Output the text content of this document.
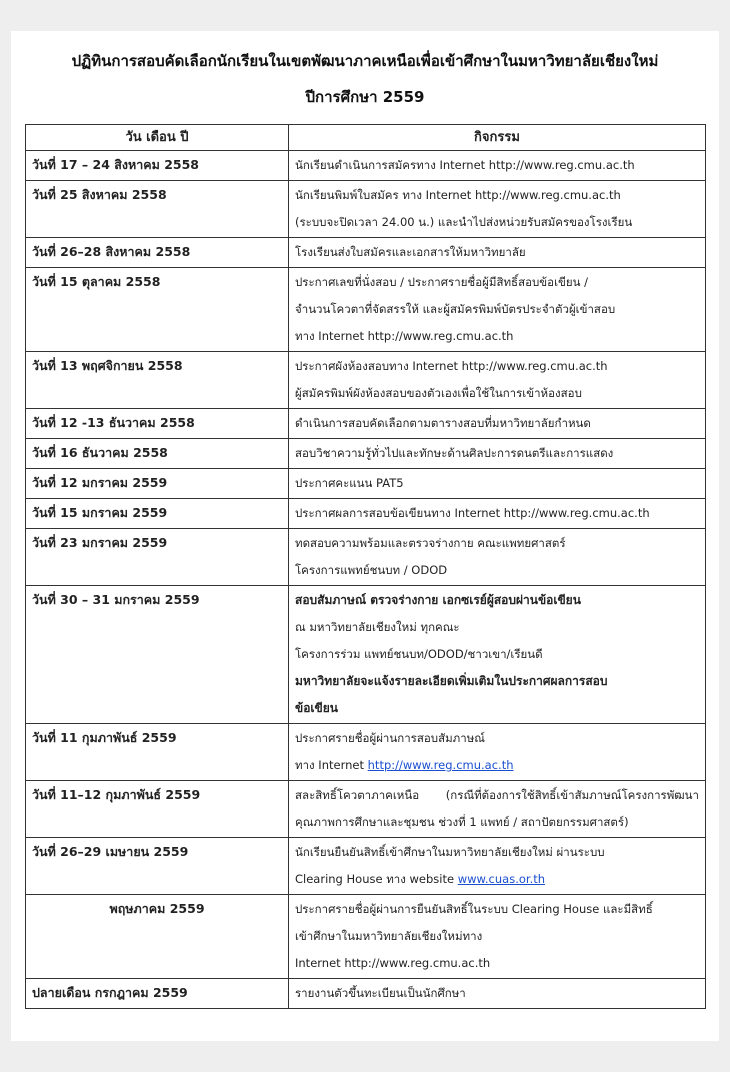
ปฏิทินการสอบคัดเลือกนักเรียนในเขตพัฒนาภาคเหนือเพื่อเข้าศึกษาในมหาวิทยาลัยเชียงใหม่
ปีการศึกษา 2559
วัน เดือน ปี	กิจกรรม
วันที่ 17 – 24 สิงหาคม 2558	นักเรียนดำเนินการสมัครทาง Internet http://www.reg.cmu.ac.th

วันที่ 25 สิงหาคม 2558	นักเรียนพิมพ์ใบสมัคร ทาง Internet http://www.reg.cmu.ac.th
(ระบบจะปิดเวลา 24.00 น.) และนำไปส่งหน่วยรับสมัครของโรงเรียน

วันที่ 26–28 สิงหาคม 2558	โรงเรียนส่งใบสมัครและเอกสารให้มหาวิทยาลัย

วันที่ 15 ตุลาคม 2558	ประกาศเลขที่นั่งสอบ / ประกาศรายชื่อผู้มีสิทธิ์สอบข้อเขียน /
จำนวนโควตาที่จัดสรรให้ และผู้สมัครพิมพ์บัตรประจำตัวผู้เข้าสอบ
ทาง Internet http://www.reg.cmu.ac.th

วันที่ 13 พฤศจิกายน 2558	ประกาศผังห้องสอบทาง Internet http://www.reg.cmu.ac.th
ผู้สมัครพิมพ์ผังห้องสอบของตัวเองเพื่อใช้ในการเข้าห้องสอบ

วันที่ 12 -13 ธันวาคม 2558	ดำเนินการสอบคัดเลือกตามตารางสอบที่มหาวิทยาลัยกำหนด

วันที่ 16 ธันวาคม 2558	สอบวิชาความรู้ทั่วไปและทักษะด้านศิลปะการดนตรีและการแสดง

วันที่ 12 มกราคม 2559	ประกาศคะแนน PAT5

วันที่ 15 มกราคม 2559	ประกาศผลการสอบข้อเขียนทาง Internet http://www.reg.cmu.ac.th

วันที่ 23 มกราคม 2559	ทดสอบความพร้อมและตรวจร่างกาย คณะแพทยศาสตร์
โครงการแพทย์ชนบท / ODOD

วันที่ 30 – 31 มกราคม 2559	สอบสัมภาษณ์ ตรวจร่างกาย เอกซเรย์ผู้สอบผ่านข้อเขียน
ณ มหาวิทยาลัยเชียงใหม่ ทุกคณะ
โครงการร่วม แพทย์ชนบท/ODOD/ชาวเขา/เรียนดี
มหาวิทยาลัยจะแจ้งรายละเอียดเพิ่มเติมในประกาศผลการสอบ
ข้อเขียน

วันที่ 11 กุมภาพันธ์ 2559	ประกาศรายชื่อผู้ผ่านการสอบสัมภาษณ์
ทาง Internet http://www.reg.cmu.ac.th

วันที่ 11–12 กุมภาพันธ์ 2559	สละสิทธิ์โควตาภาคเหนือ (กรณีที่ต้องการใช้สิทธิ์เข้าสัมภาษณ์โครงการพัฒนาคุณภาพการศึกษาและชุมชน ช่วงที่ 1 แพทย์ / สถาปัตยกรรมศาสตร์)

วันที่ 26–29 เมษายน 2559	นักเรียนยืนยันสิทธิ์เข้าศึกษาในมหาวิทยาลัยเชียงใหม่ ผ่านระบบ
Clearing House ทาง website www.cuas.or.th

พฤษภาคม 2559	ประกาศรายชื่อผู้ผ่านการยืนยันสิทธิ์ในระบบ Clearing House และมีสิทธิ์
เข้าศึกษาในมหาวิทยาลัยเชียงใหม่ทาง
Internet http://www.reg.cmu.ac.th

ปลายเดือน กรกฎาคม 2559	รายงานตัวขึ้นทะเบียนเป็นนักศึกษา
